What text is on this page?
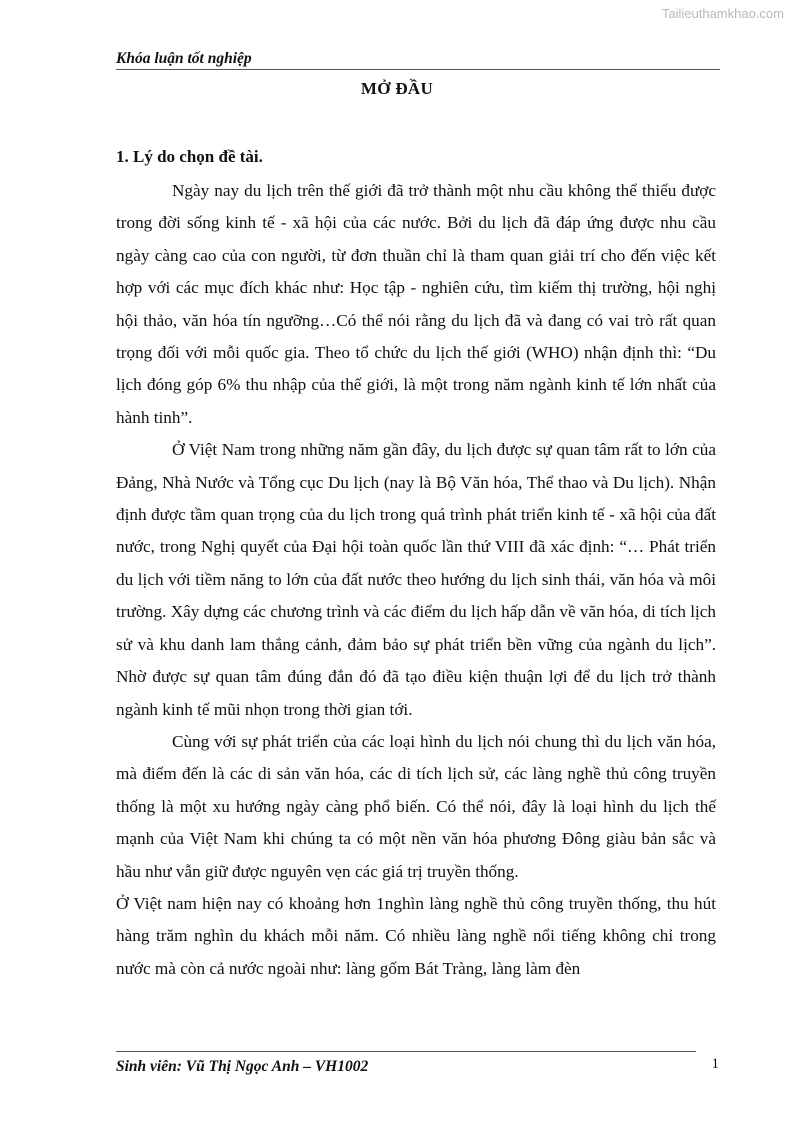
Tailieuthamkhao.com
Khóa luận tốt nghiệp
MỞ ĐẦU
1. Lý do chọn đề tài.

Ngày nay du lịch trên thế giới đã trở thành một nhu cầu không thể thiếu được trong đời sống kinh tế - xã hội của các nước. Bởi du lịch đã đáp ứng được nhu cầu ngày càng cao của con người, từ đơn thuần chỉ là tham quan giải trí cho đến việc kết hợp với các mục đích khác như: Học tập - nghiên cứu, tìm kiếm thị trường, hội nghị hội thảo, văn hóa tín ngưỡng…Có thể nói rằng du lịch đã và đang có vai trò rất quan trọng đối với mỗi quốc gia. Theo tổ chức du lịch thế giới (WHO) nhận định thì: “Du lịch đóng góp 6% thu nhập của thế giới, là một trong năm ngành kinh tế lớn nhất của hành tinh”.

Ở Việt Nam trong những năm gần đây, du lịch được sự quan tâm rất to lớn của Đảng, Nhà Nước và Tổng cục Du lịch (nay là Bộ Văn hóa, Thể thao và Du lịch). Nhận định được tầm quan trọng của du lịch trong quá trình phát triển kinh tế - xã hội của đất nước, trong Nghị quyết của Đại hội toàn quốc lần thứ VIII đã xác định: “… Phát triển du lịch với tiềm năng to lớn của đất nước theo hướng du lịch sinh thái, văn hóa và môi trường. Xây dựng các chương trình và các điểm du lịch hấp dẫn về văn hóa, di tích lịch sử và khu danh lam thắng cảnh, đảm bảo sự phát triển bền vững của ngành du lịch”. Nhờ được sự quan tâm đúng đắn đó đã tạo điều kiện thuận lợi để du lịch trở thành ngành kinh tế mũi nhọn trong thời gian tới.

Cùng với sự phát triển của các loại hình du lịch nói chung thì du lịch văn hóa, mà điểm đến là các di sản văn hóa, các di tích lịch sử, các làng nghề thủ công truyền thống là một xu hướng ngày càng phổ biến. Có thể nói, đây là loại hình du lịch thế mạnh của Việt Nam khi chúng ta có một nền văn hóa phương Đông giàu bản sắc và hầu như vẫn giữ được nguyên vẹn các giá trị truyền thống.

Ở Việt nam hiện nay có khoảng hơn 1nghìn làng nghề thủ công truyền thống, thu hút hàng trăm nghìn du khách mỗi năm. Có nhiều làng nghề nổi tiếng không chỉ trong nước mà còn cả nước ngoài như: làng gốm Bát Tràng, làng làm đèn

Sinh viên: Vũ Thị Ngọc Anh – VH1002	1
